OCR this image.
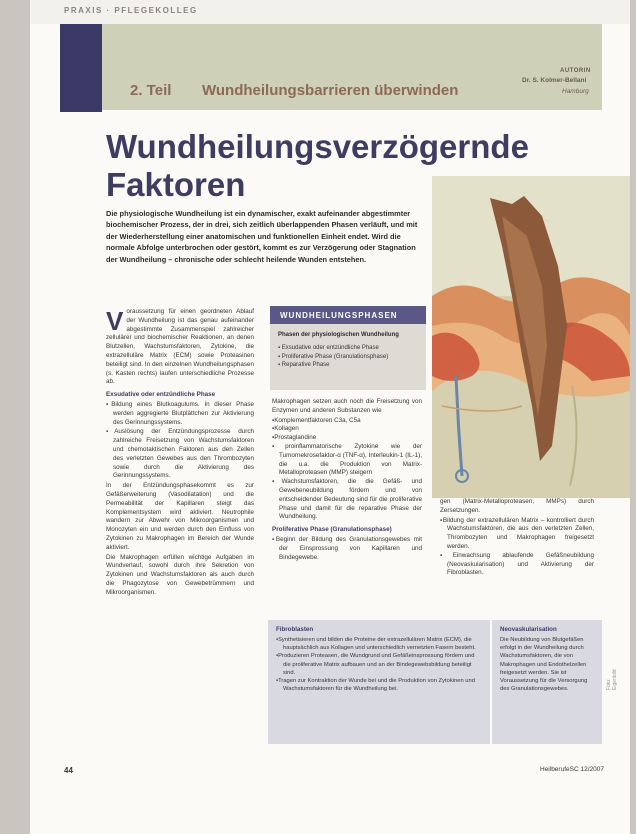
PRAXIS · PFLEGEKOLLEG
2. Teil Wundheilungsbarrieren überwinden
AUTORIN
Dr. S. Kolmer-Bellani
Hamburg
Wundheilungsverzögernde
Faktoren
Die physiologische Wundheilung ist ein dynamischer, exakt aufeinander abgestimmter biochemischer Prozess, der in drei, sich zeitlich überlappenden Phasen verläuft, und mit der Wiederherstellung einer anatomischen und funktionellen Einheit endet. Wird die normale Abfolge unterbrochen oder gestört, kommt es zur Verzögerung oder Stagnation der Wundheilung – chronische oder schlecht heilende Wunden entstehen.

Voraussetzung für einen geordneten Ablauf der Wundheilung ist das genau aufeinander abgestimmte Zusammenspiel zahlreicher zellulärer und biochemischer Reaktionen, an denen Blutzellen, Wachstumsfaktoren, Zytokine, die extrazelluläre Matrix (ECM) sowie Proteasinen beteiligt sind. In den einzelnen Wundheilungsphasen (s. Kasten rechts) laufen unterschiedliche Prozesse ab.

Exsudative oder entzündliche Phase

▪ Bildung eines Blutkoagulums. In dieser Phase werden aggregierte Blutplättchen zur Aktivierung des Gerinnungssystems.

▪ Auslösung der Entzündungsprozesse durch zahlreiche Freisetzung von Wachstumsfaktoren und chemotaktischen Faktoren aus den Zellen des verletzten Gewebes aus den Thrombozyten sowie durch die Aktivierung des Gerinnungssystems.

In der Entzündungsphasekommt es zur Gefäßerweiterung (Vasodilatation) und die Permeabilität der Kapillaren steigt das Komplementsystem wird aktiviert. Neutrophile wandern zur Abwehr von Mikroorganismen und Monozyten ein und werden durch den Einfluss von Zytokinen zu Makrophagen im Bereich der Wunde aktiviert.

Die Makrophagen erfüllen wichtige Aufgaben im Wundverlauf, sowohl durch ihre Sekretion von Zytokinen und Wachstumsfaktoren als auch durch die Phagozytose von Gewebetrümmern und Mikroorganismen.

WUNDHEILUNGSPHASEN
Phasen der physiologischen Wundheilung
▪ Exsudative oder entzündliche Phase
▪ Proliferative Phase (Granulationsphase)
▪ Reparative Phase

Makrophagen setzen auch noch die Freisetzung von Enzymen und anderen Substanzen wie

▪ Komplementfaktoren C3a, C5a
▪ Kollagen
▪ Prostaglandine
▪ proinflammatorische Zytokine wie der Tumornekrosefaktor-α (TNF-α), Interleukin-1 (IL-1), die u.a. die Produktion von Matrix-Metalloproteasen (MMP) steigern

▪ Wachstumsfaktoren, die die Gefäß- und Gewebeneubildung fördern und von entscheidender Bedeutung sind für die proliferative Phase und damit für die reparative Phase der Wundheilung.

Proliferative Phase (Granulationsphase)

▪ Beginn der Bildung des Granulationsgewebes mit der Einsprossung von Kapillaren und Bindegewebe.

gen (Matrix-Metalloproteasen, MMPs) durch Zersetzungen.

▪ Bildung der extrazellulären Matrix – kontrolliert durch Wachstumsfaktoren, die aus den verletzten Zellen, Thrombozyten und Makrophagen freigesetzt werden.
▪ Einwachsung ablaufende Gefäßneubildung (Neovaskularisation) und Aktivierung der Fibroblasten.
Fibroblasten
▪ Synthetisieren und bilden die Proteine der extrazellulären Matrix (ECM), die hauptsächlich aus Kollagen und unterschiedlich vernetzten Fasern besteht.
▪ Produzieren Proteasen, die Wundgrund und Gefäßeinsprossung fördern und die proliferative Matrix aufbauen und an der Bindegewebsbildung beteiligt sind.
▪ Tragen zur Kontraktion der Wunde bei und die Produktion von Zytokinen und Wachstumsfaktoren für die Wundheilung bei.
Neovaskularisation
Die Neubildung von Blutgefäßen erfolgt in der Wundheilung durch Wachstumsfaktoren, die von Makrophagen und Endothelzellen freigesetzt werden. Sie ist Voraussetzung für die Versorgung des Granulationsgewebes.	Foto: Eigenbild
44	HeilberufeSC 12/2007
